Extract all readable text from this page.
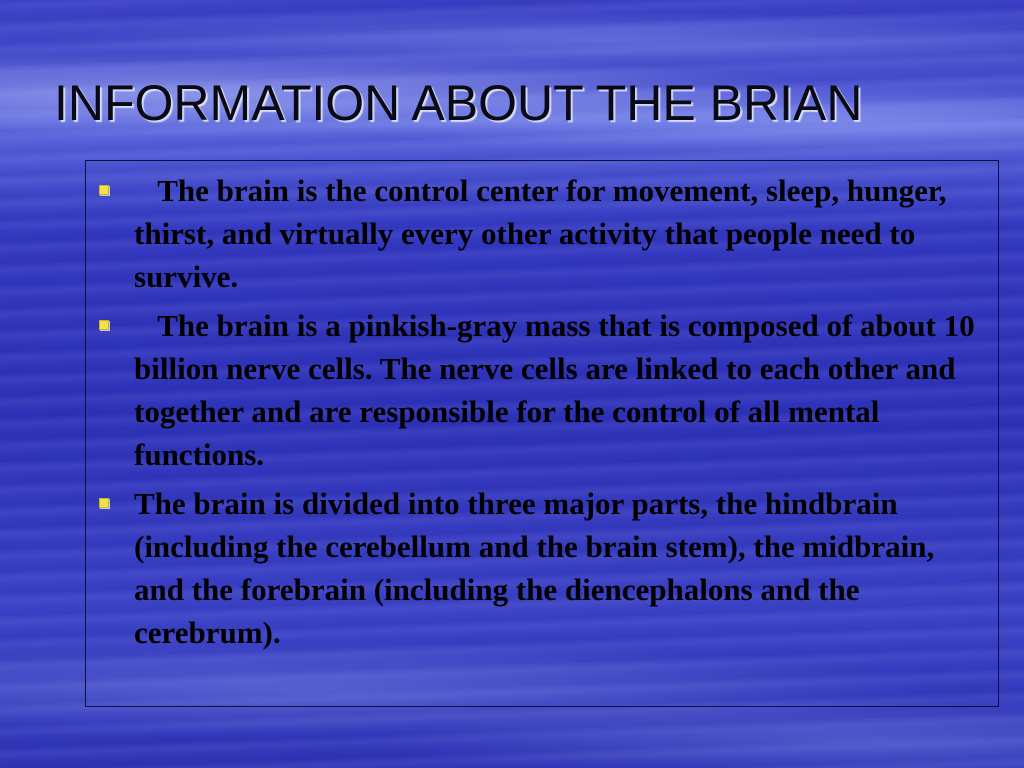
INFORMATION ABOUT THE BRIAN
The brain is the control center for movement, sleep, hunger, thirst, and virtually every other activity that people need to survive.
The brain is a pinkish-gray mass that is composed of about 10 billion nerve cells. The nerve cells are linked to each other and together and are responsible for the control of all mental functions.
The brain is divided into three major parts, the hindbrain (including the cerebellum and the brain stem), the midbrain, and the forebrain (including the diencephalons and the cerebrum).
